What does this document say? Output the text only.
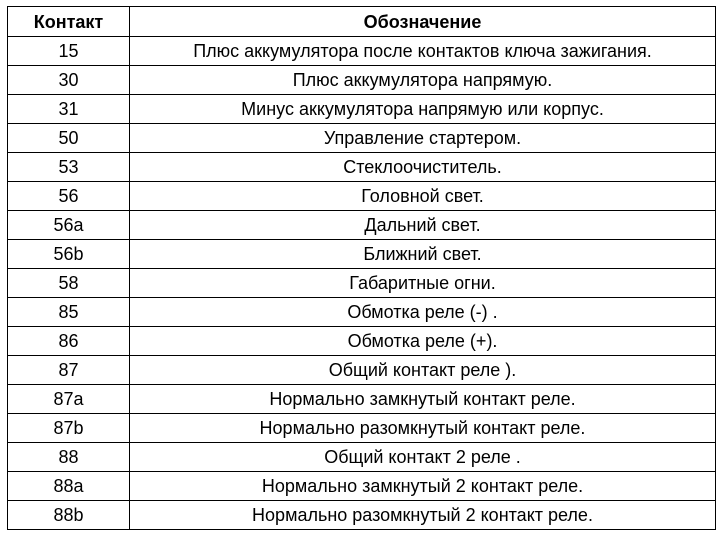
Контакт	Обозначение
15	Плюс аккумулятора после контактов ключа зажигания.
30	Плюс аккумулятора напрямую.
31	Минус аккумулятора напрямую или корпус.
50	Управление стартером.
53	Стеклоочиститель.
56	Головной свет.
56a	Дальний свет.
56b	Ближний свет.
58	Габаритные огни.
85	Обмотка реле (-) .
86	Обмотка реле (+).
87	Общий контакт реле ).
87a	Нормально замкнутый контакт реле.
87b	Нормально разомкнутый контакт реле.
88	Общий контакт 2 реле .
88a	Нормально замкнутый 2 контакт реле.
88b	Нормально разомкнутый 2 контакт реле.
